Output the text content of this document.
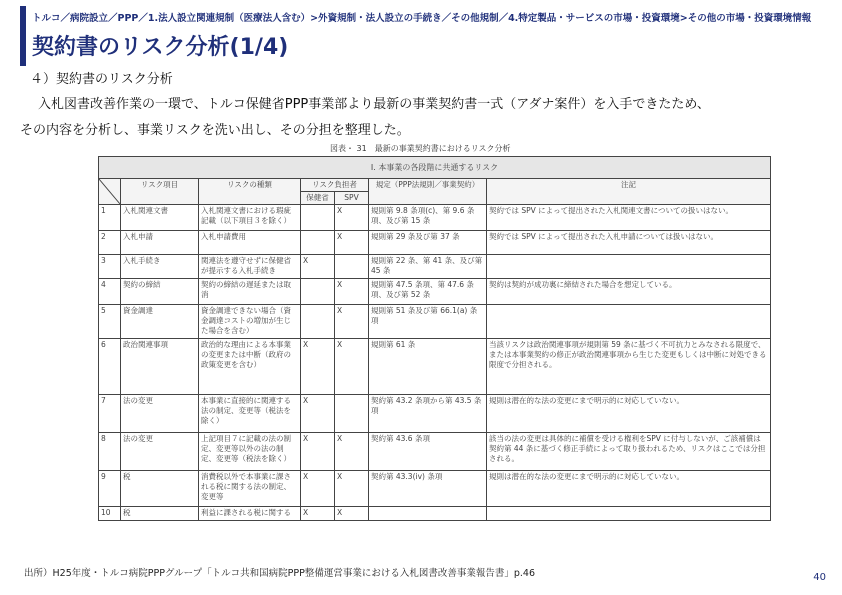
トルコ／病院設立／PPP／1.法人設立関連規制（医療法人含む）>外資規制・法人設立の手続き／その他規制／4.特定製品・サービスの市場・投資環境>その他の市場・投資環境情報
契約書のリスク分析(1/4)
４）契約書のリスク分析

入札図書改善作業の一環で、トルコ保健省PPP事業部より最新の事業契約書一式（アダナ案件）を入手できたため、

その内容を分析し、事業リスクを洗い出し、その分担を整理した。

図表・ 31　最新の事業契約書におけるリスク分析
I. 本事業の各段階に共通するリスク						

	リスク項目	リスクの種類	リスク負担者		規定（PPP法規則／事業契約）	注記
			保健省	SPV		
1	入札関連文書	入札関連文書における瑕疵記載（以下項目３を除く）		X	規則第 9.8 条項(c)、第 9.6 条項、及び第 15 条	契約では SPV によって提出された入札関連文書についての扱いはない。
2	入札申請	入札申請費用		X	規則第 29 条及び第 37 条	契約では SPV によって提出された入札申請については扱いはない。
3	入札手続き	関連法を遵守せずに保健省が提示する入札手続き	X		規則第 22 条、第 41 条、及び第 45 条	
4	契約の締結	契約の締結の遅延または取消		X	規則第 47.5 条項、第 47.6 条項、及び第 52 条	契約は契約が成功裏に締結された場合を想定している。
5	資金調達	資金調達できない場合（資金調達コストの増加が生じた場合を含む）		X	規則第 51 条及び第 66.1(a) 条項	
6	政治関連事項	政治的な理由による本事業の変更または中断（政府の政策変更を含む）	X	X	規則第 61 条	当該リスクは政治関連事項が規則第 59 条に基づく不可抗力とみなされる限度で、または本事業契約の修正が政治関連事項から生じた変更もしくは中断に対処できる限度で分担される。
7	法の変更	本事業に直接的に関連する法の制定、変更等（税法を除く）	X		契約第 43.2 条項から第 43.5 条項	規則は潜在的な法の変更にまで明示的に対応していない。
8	法の変更	上記項目７に記載の法の制定、変更等以外の法の制定、変更等（税法を除く）	X	X	契約第 43.6 条項	該当の法の変更は具体的に補償を受ける権利をSPV に付与しないが、ご該補償は契約第 44 条に基づく修正手続によって取り扱われるため、リスクはここでは分担される。
9	税	消費税以外で本事業に課される税に関する法の制定、変更等	X	X	契約第 43.3(iv) 条項	規則は潜在的な法の変更にまで明示的に対応していない。
10	税	利益に課される税に関する	X	X		
出所）H25年度・トルコ病院PPPグループ「トルコ共和国病院PPP整備運営事業における入札図書改善事業報告書」p.46	40
